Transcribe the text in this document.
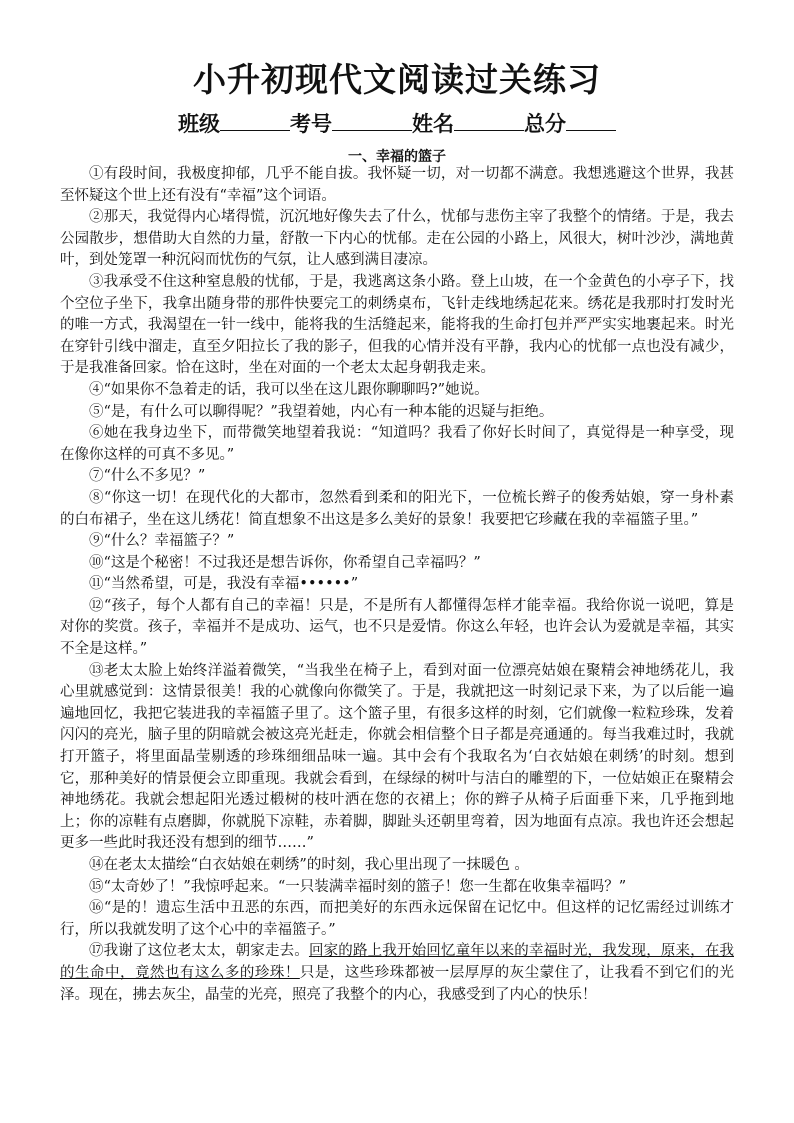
小升初现代文阅读过关练习
班级	考号	姓名	总分
一、幸福的篮子

①有段时间，我极度抑郁，几乎不能自拔。我怀疑一切，对一切都不满意。我想逃避这个世界，我甚至怀疑这个世上还有没有“幸福”这个词语。

②那天，我觉得内心堵得慌，沉沉地好像失去了什么，忧郁与悲伤主宰了我整个的情绪。于是，我去公园散步，想借助大自然的力量，舒散一下内心的忧郁。走在公园的小路上，风很大，树叶沙沙，满地黄叶，到处笼罩一种沉闷而忧伤的气氛，让人感到满目凄凉。

③我承受不住这种窒息般的忧郁，于是，我逃离这条小路。登上山坡，在一个金黄色的小亭子下，找个空位子坐下，我拿出随身带的那件快要完工的刺绣桌布，飞针走线地绣起花来。绣花是我那时打发时光的唯一方式，我渴望在一针一线中，能将我的生活缝起来，能将我的生命打包并严严实实地裹起来。时光在穿针引线中溜走，直至夕阳拉长了我的影子，但我的心情并没有平静，我内心的忧郁一点也没有减少，于是我准备回家。恰在这时，坐在对面的一个老太太起身朝我走来。

④“如果你不急着走的话，我可以坐在这儿跟你聊聊吗?”她说。

⑤“是，有什么可以聊得呢？”我望着她，内心有一种本能的迟疑与拒绝。

⑥她在我身边坐下，而带微笑地望着我说：“知道吗？我看了你好长时间了，真觉得是一种享受，现在像你这样的可真不多见。”

⑦“什么不多见？”

⑧“你这一切！在现代化的大都市，忽然看到柔和的阳光下，一位梳长辫子的俊秀姑娘，穿一身朴素的白布裙子，坐在这儿绣花！简直想象不出这是多么美好的景象！我要把它珍藏在我的幸福篮子里。”

⑨“什么？幸福篮子？”

⑩“这是个秘密！不过我还是想告诉你，你希望自己幸福吗？”

⑪“当然希望，可是，我没有幸福••••••”

⑫“孩子，每个人都有自己的幸福！只是，不是所有人都懂得怎样才能幸福。我给你说一说吧，算是对你的奖赏。孩子，幸福并不是成功、运气，也不只是爱情。你这么年轻，也许会认为爱就是幸福，其实不全是这样。”

⑬老太太脸上始终洋溢着微笑，“当我坐在椅子上，看到对面一位漂亮姑娘在聚精会神地绣花儿，我心里就感觉到：这情景很美！我的心就像向你微笑了。于是，我就把这一时刻记录下来，为了以后能一遍遍地回忆，我把它装进我的幸福篮子里了。这个篮子里，有很多这样的时刻，它们就像一粒粒珍珠，发着闪闪的亮光，脑子里的阴暗就会被这亮光赶走，你就会相信整个日子都是亮通通的。每当我难过时，我就打开篮子，将里面晶莹剔透的珍珠细细品味一遍。其中会有个我取名为‘白衣姑娘在刺绣’的时刻。想到它，那种美好的情景便会立即重现。我就会看到，在绿绿的树叶与洁白的雕塑的下，一位姑娘正在聚精会神地绣花。我就会想起阳光透过椴树的枝叶洒在您的衣裙上；你的辫子从椅子后面垂下来，几乎拖到地上；你的凉鞋有点磨脚，你就脱下凉鞋，赤着脚，脚趾头还朝里弯着，因为地面有点凉。我也许还会想起更多一些此时我还没有想到的细节……”

⑭在老太太描绘“白衣姑娘在刺绣”的时刻，我心里出现了一抹暖色 。

⑮“太奇妙了！”我惊呼起来。“一只装满幸福时刻的篮子！您一生都在收集幸福吗？”

⑯“是的！遗忘生活中丑恶的东西，而把美好的东西永远保留在记忆中。但这样的记忆需经过训练才行，所以我就发明了这个心中的幸福篮子。”

⑰我谢了这位老太太，朝家走去。回家的路上我开始回忆童年以来的幸福时光，我发现，原来，在我的生命中，竟然也有这么多的珍珠！只是，这些珍珠都被一层厚厚的灰尘蒙住了，让我看不到它们的光泽。现在，拂去灰尘，晶莹的光亮，照亮了我整个的内心，我感受到了内心的快乐！
